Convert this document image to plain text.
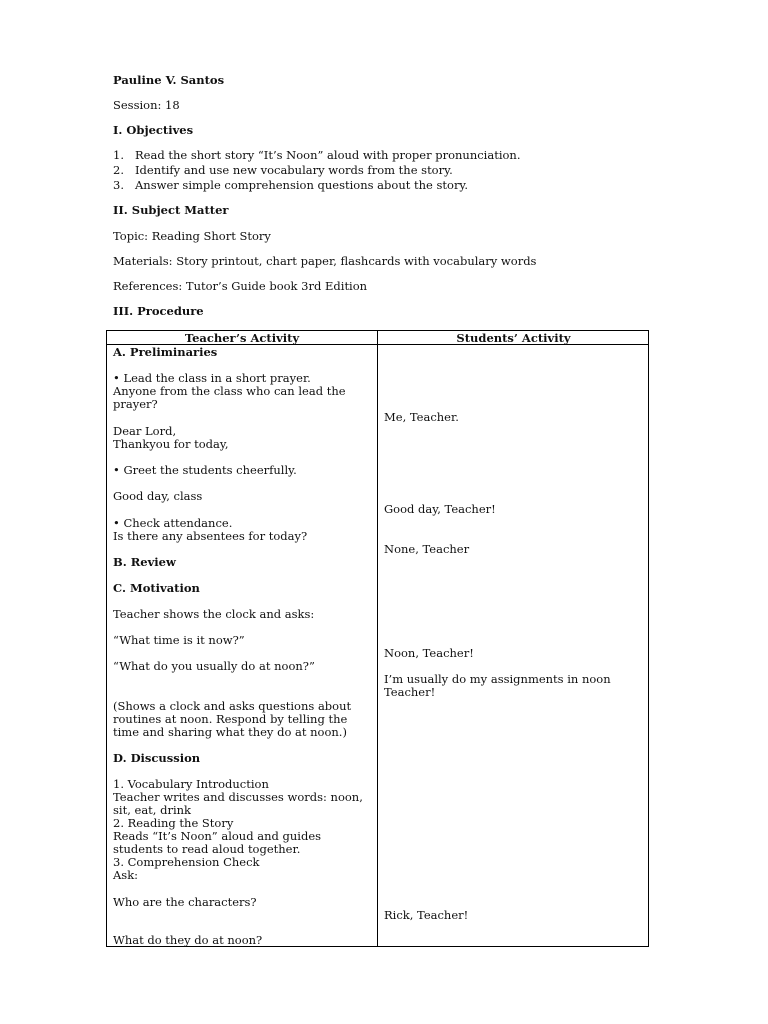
Pauline V. Santos
Session: 18
I. Objectives
1. Read the short story “It’s Noon” aloud with proper pronunciation.
2. Identify and use new vocabulary words from the story.
3. Answer simple comprehension questions about the story.
II. Subject Matter
Topic: Reading Short Story
Materials: Story printout, chart paper, flashcards with vocabulary words
References: Tutor’s Guide book 3rd Edition
III. Procedure
Teacher’s Activity	Students’ Activity
A. Preliminaries
• Lead the class in a short prayer.
Anyone from the class who can lead the
prayer?
Dear Lord,
Thankyou for today,
• Greet the students cheerfully.
Good day, class
• Check attendance.
Is there any absentees for today?
B. Review
C. Motivation
Teacher shows the clock and asks:
“What time is it now?”
“What do you usually do at noon?”
(Shows a clock and asks questions about
routines at noon. Respond by telling the
time and sharing what they do at noon.)
D. Discussion
1. Vocabulary Introduction
Teacher writes and discusses words: noon,
sit, eat, drink
2. Reading the Story
Reads “It’s Noon” aloud and guides
students to read aloud together.
3. Comprehension Check
Ask:
Who are the characters?
What do they do at noon?
Me, Teacher.
Good day, Teacher!
None, Teacher
Noon, Teacher!
I’m usually do my assignments in noon
Teacher!
Rick, Teacher!
